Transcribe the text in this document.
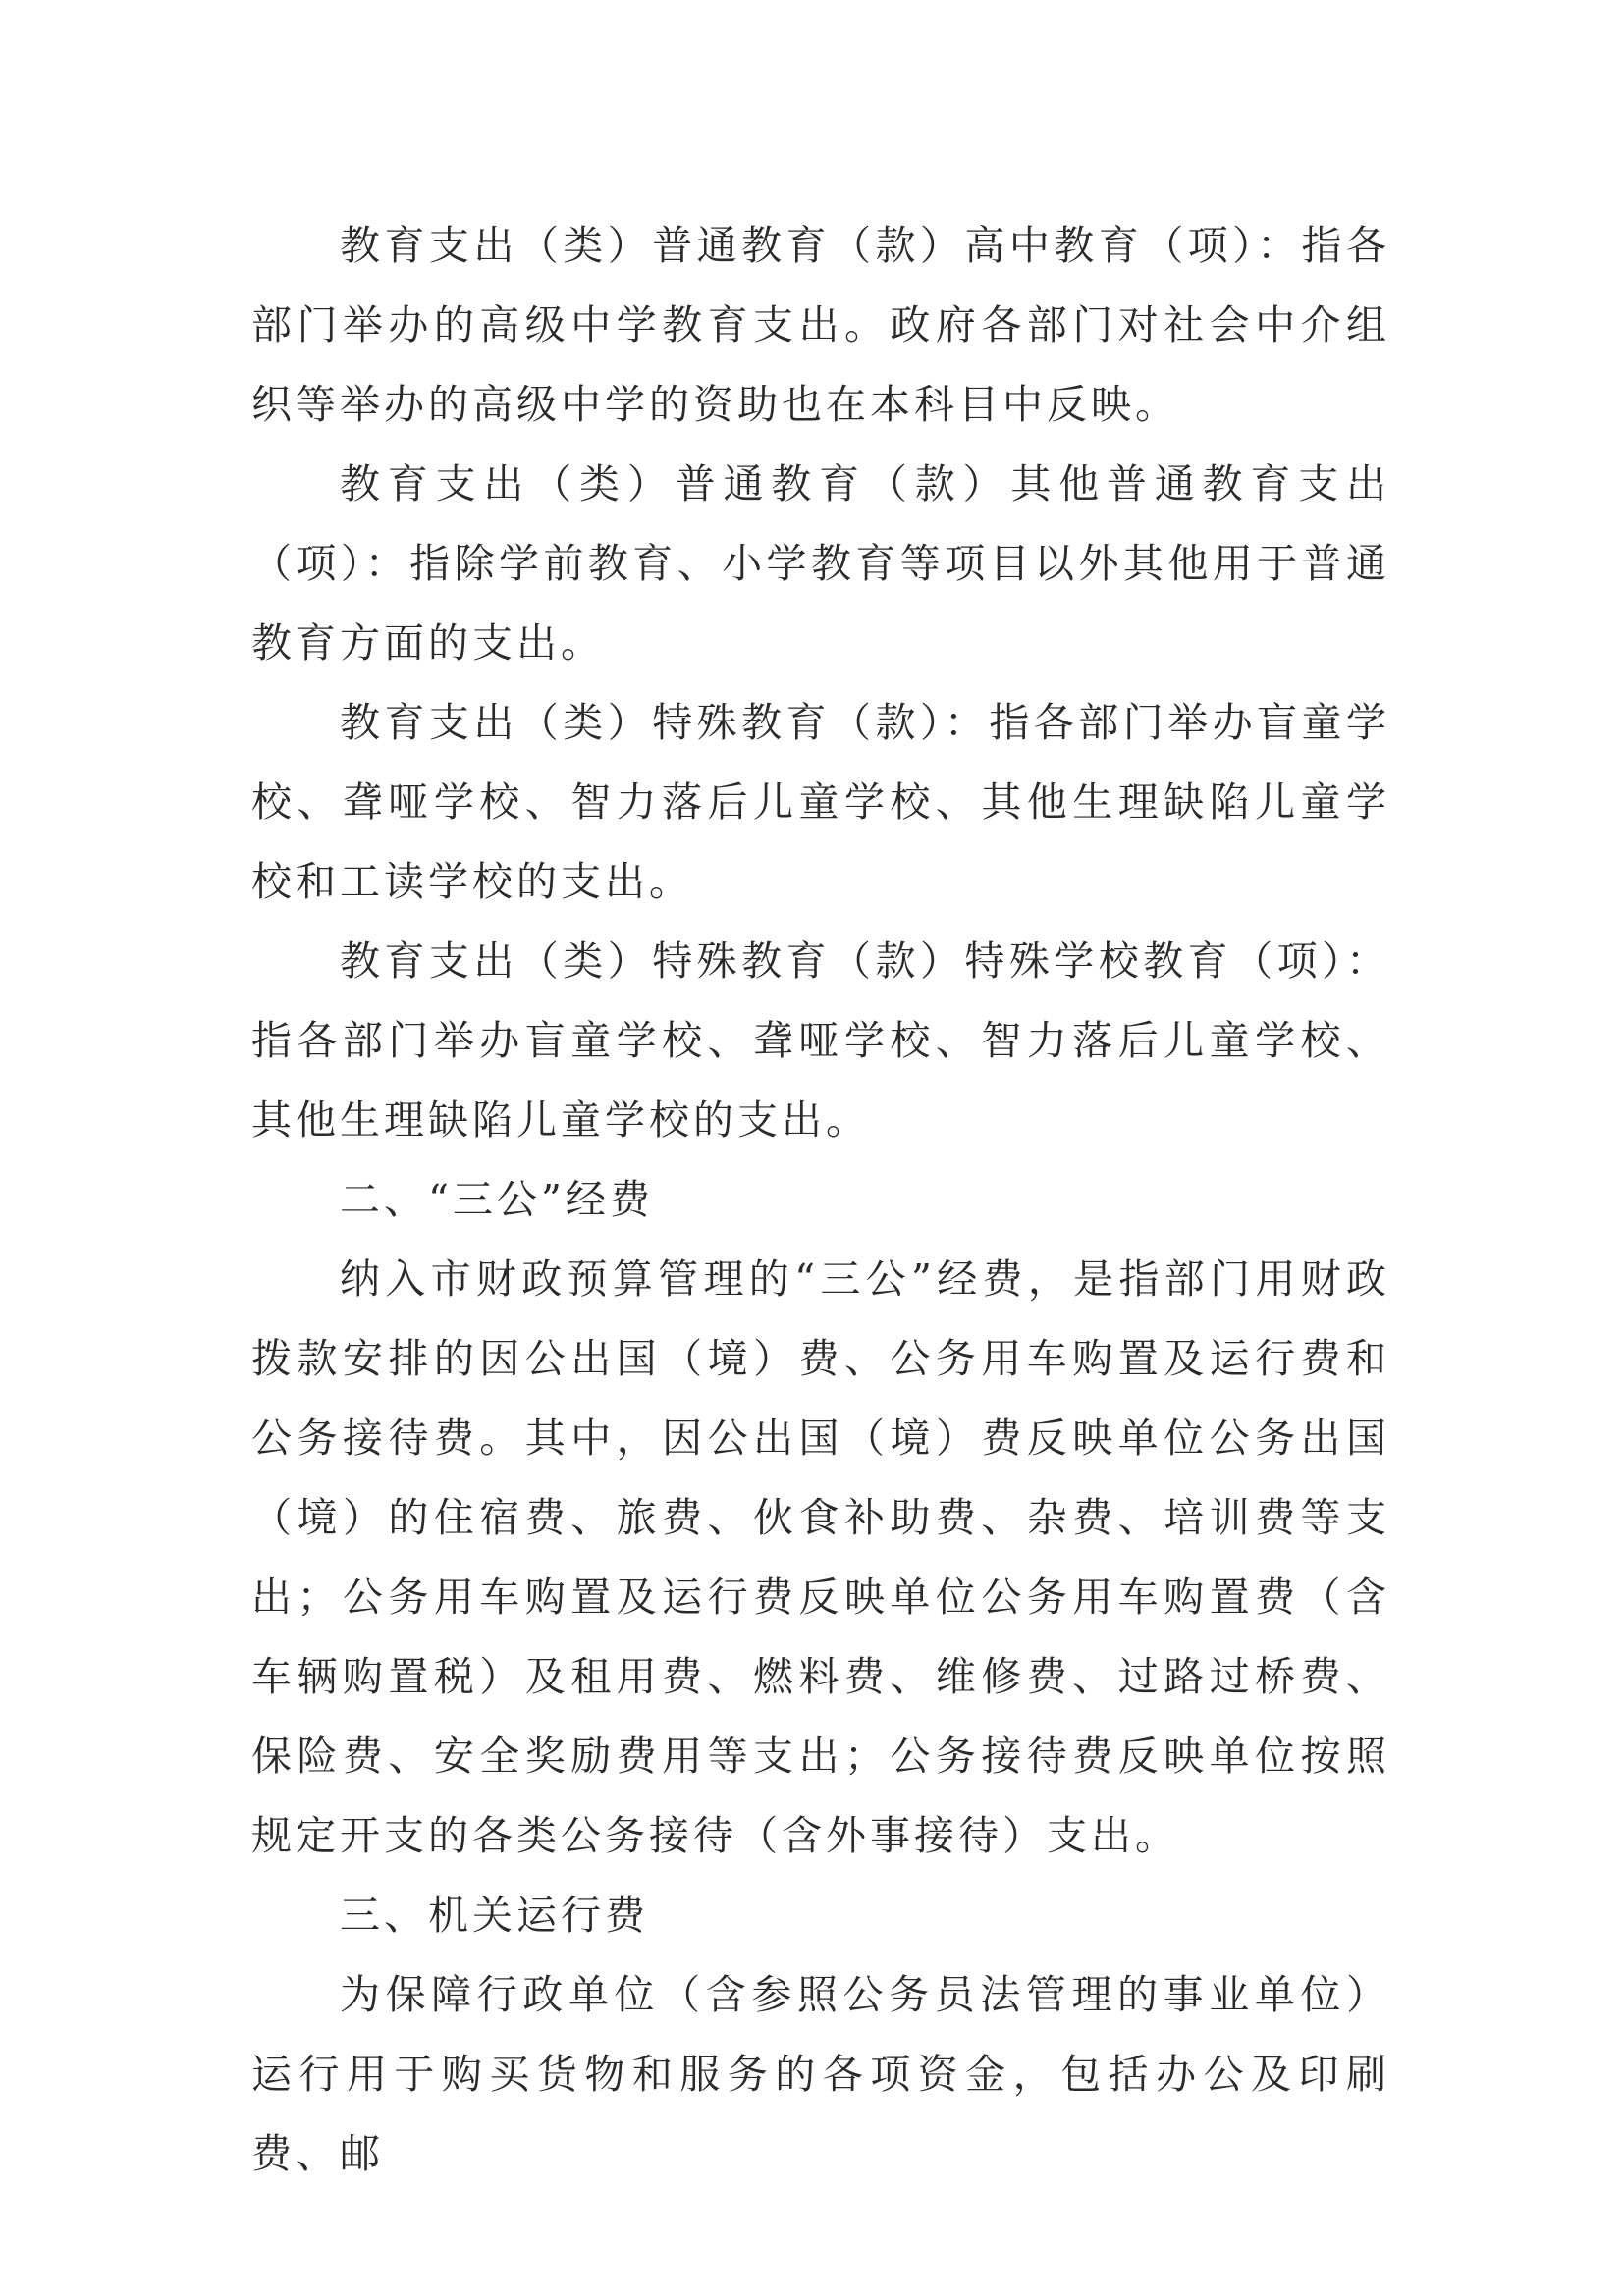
教育支出（类）普通教育（款）高中教育（项）：指各部门举办的高级中学教育支出。政府各部门对社会中介组织等举办的高级中学的资助也在本科目中反映。

教育支出（类）普通教育（款）其他普通教育支出（项）：指除学前教育、小学教育等项目以外其他用于普通教育方面的支出。

教育支出（类）特殊教育（款）：指各部门举办盲童学校、聋哑学校、智力落后儿童学校、其他生理缺陷儿童学校和工读学校的支出。

教育支出（类）特殊教育（款）特殊学校教育（项）：指各部门举办盲童学校、聋哑学校、智力落后儿童学校、其他生理缺陷儿童学校的支出。

二、“三公”经费

纳入市财政预算管理的“三公”经费，是指部门用财政拨款安排的因公出国（境）费、公务用车购置及运行费和公务接待费。其中，因公出国（境）费反映单位公务出国（境）的住宿费、旅费、伙食补助费、杂费、培训费等支出；公务用车购置及运行费反映单位公务用车购置费（含车辆购置税）及租用费、燃料费、维修费、过路过桥费、保险费、安全奖励费用等支出；公务接待费反映单位按照规定开支的各类公务接待（含外事接待）支出。

三、机关运行费

为保障行政单位（含参照公务员法管理的事业单位）运行用于购买货物和服务的各项资金，包括办公及印刷费、邮
